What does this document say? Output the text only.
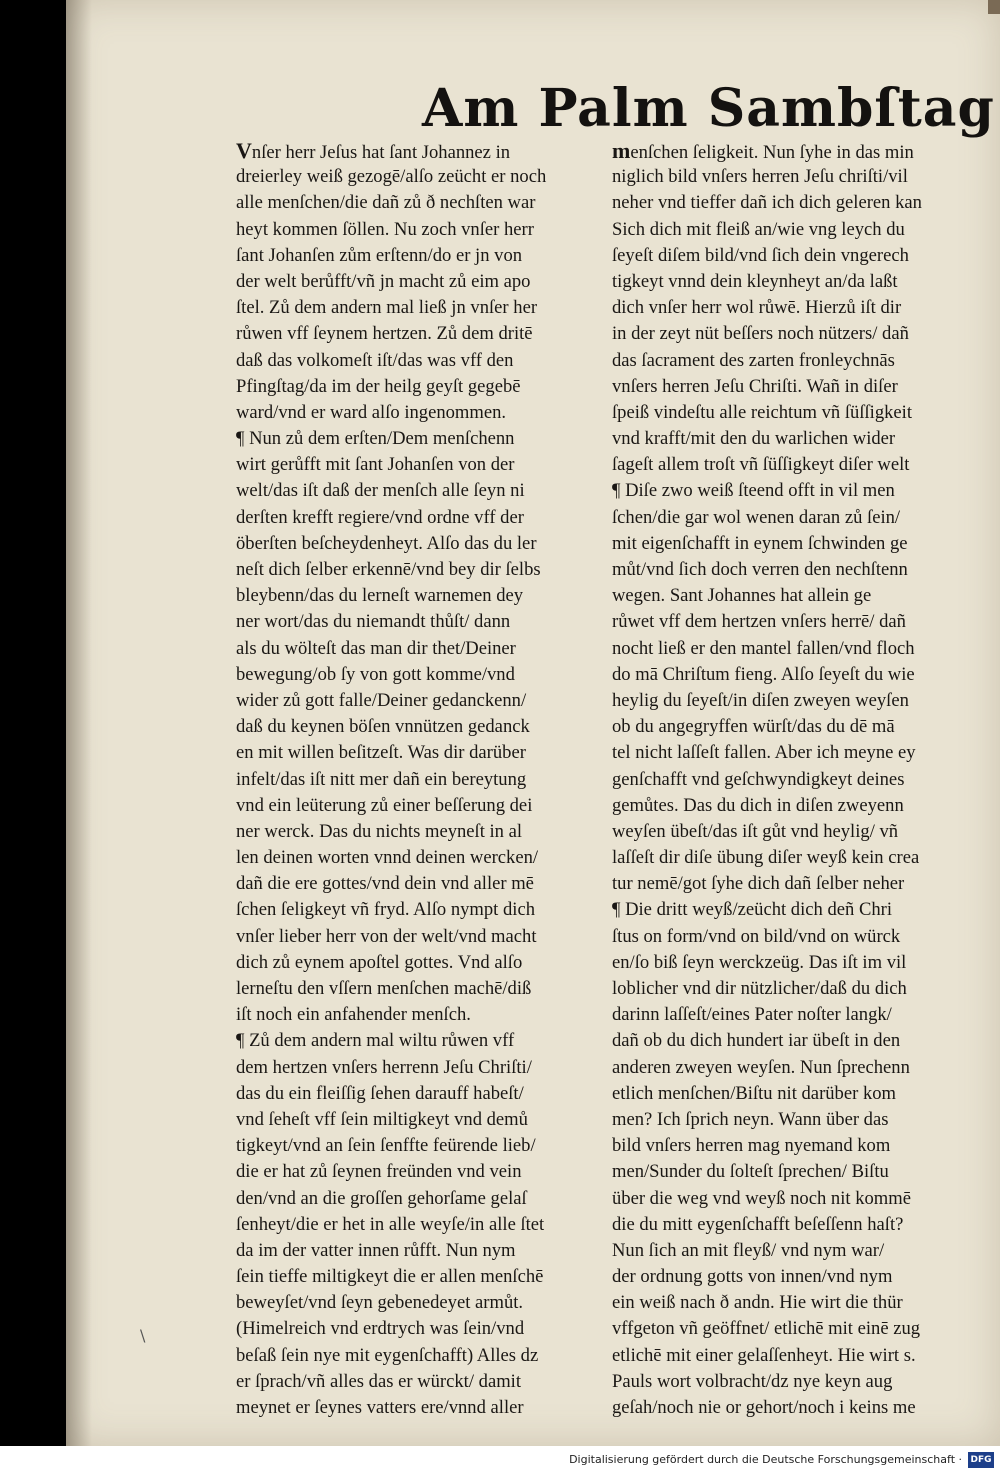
Am Palm Sambſtag
Vnſer herr Jeſus hat ſant Johannez in
dreierley weiß gezogē/alſo zeücht er noch
alle menſchen/die dañ zů ð nechſten war
heyt kommen ſöllen. Nu zoch vnſer herr
ſant Johanſen zům erſtenn/do er jn von
der welt berůfft/vñ jn macht zů eim apo
ſtel. Zů dem andern mal ließ jn vnſer her
růwen vff ſeynem hertzen. Zů dem dritē
daß das volkomeſt iſt/das was vff den
Pfingſtag/da im der heilg geyſt gegebē
ward/vnd er ward alſo ingenommen.
¶ Nun zů dem erſten/Dem menſchenn
wirt gerůfft mit ſant Johanſen von der
welt/das iſt daß der menſch alle ſeyn ni
derſten krefft regiere/vnd ordne vff der
öberſten beſcheydenheyt. Alſo das du ler
neſt dich ſelber erkennē/vnd bey dir ſelbs
bleybenn/das du lerneſt warnemen dey
ner wort/das du niemandt thůſt/ dann
als du wölteſt das man dir thet/Deiner
bewegung/ob ſy von gott komme/vnd
wider zů gott falle/Deiner gedanckenn/
daß du keynen böſen vnnützen gedanck
en mit willen beſitzeſt. Was dir darüber
infelt/das iſt nitt mer dañ ein bereytung
vnd ein leüterung zů einer beſſerung dei
ner werck. Das du nichts meyneſt in al
len deinen worten vnnd deinen wercken/
dañ die ere gottes/vnd dein vnd aller mē
ſchen ſeligkeyt vñ fryd. Alſo nympt dich
vnſer lieber herr von der welt/vnd macht
dich zů eynem apoſtel gottes. Vnd alſo
lerneſtu den vſſern menſchen machē/diß
iſt noch ein anfahender menſch.
¶ Zů dem andern mal wiltu růwen vff
dem hertzen vnſers herrenn Jeſu Chriſti/
das du ein fleiſſig ſehen darauff habeſt/
vnd ſeheſt vff ſein miltigkeyt vnd demů
tigkeyt/vnd an ſein ſenffte feürende lieb/
die er hat zů ſeynen freünden vnd vein
den/vnd an die groſſen gehorſame gelaſ
ſenheyt/die er het in alle weyſe/in alle ſtet
da im der vatter innen růfft. Nun nym
ſein tieffe miltigkeyt die er allen menſchē
beweyſet/vnd ſeyn gebenedeyet armůt.
(Himelreich vnd erdtrych was ſein/vnd
beſaß ſein nye mit eygenſchafft) Alles dz
er ſprach/vñ alles das er würckt/ damit
meynet er ſeynes vatters ere/vnnd aller
menſchen ſeligkeit. Nun ſyhe in das min
niglich bild vnſers herren Jeſu chriſti/vil
neher vnd tieffer dañ ich dich geleren kan
Sich dich mit fleiß an/wie vng leych du
ſeyeſt diſem bild/vnd ſich dein vngerech
tigkeyt vnnd dein kleynheyt an/da laßt
dich vnſer herr wol růwē. Hierzů iſt dir
in der zeyt nüt beſſers noch nützers/ dañ
das ſacrament des zarten fronleychnās
vnſers herren Jeſu Chriſti. Wañ in diſer
ſpeiß vindeſtu alle reichtum vñ ſüſſigkeit
vnd krafft/mit den du warlichen wider
ſageſt allem troſt vñ ſüſſigkeyt diſer welt
¶ Diſe zwo weiß ſteend offt in vil men
ſchen/die gar wol wenen daran zů ſein/
mit eigenſchafft in eynem ſchwinden ge
můt/vnd ſich doch verren den nechſtenn
wegen. Sant Johannes hat allein ge
růwet vff dem hertzen vnſers herrē/ dañ
nocht ließ er den mantel fallen/vnd floch
do mā Chriſtum fieng. Alſo ſeyeſt du wie
heylig du ſeyeſt/in diſen zweyen weyſen
ob du angegryffen würſt/das du dē mā
tel nicht laſſeſt fallen. Aber ich meyne ey
genſchafft vnd geſchwyndigkeyt deines
gemůtes. Das du dich in diſen zweyenn
weyſen übeſt/das iſt gůt vnd heylig/ vñ
laſſeſt dir diſe übung diſer weyß kein crea
tur nemē/got ſyhe dich dañ ſelber neher
¶ Die dritt weyß/zeücht dich deñ Chri
ſtus on form/vnd on bild/vnd on würck
en/ſo biß ſeyn werckzeüg. Das iſt im vil
loblicher vnd dir nützlicher/daß du dich
darinn laſſeſt/eines Pater noſter langk/
dañ ob du dich hundert iar übeſt in den
anderen zweyen weyſen. Nun ſprechenn
etlich menſchen/Biſtu nit darüber kom
men? Ich ſprich neyn. Wann über das
bild vnſers herren mag nyemand kom
men/Sunder du ſolteſt ſprechen/ Biſtu
über die weg vnd weyß noch nit kommē
die du mitt eygenſchafft beſeſſenn haſt?
Nun ſich an mit fleyß/ vnd nym war/
der ordnung gotts von innen/vnd nym
ein weiß nach ð andn. Hie wirt die thür
vffgeton vñ geöffnet/ etlichē mit einē zug
etlichē mit einer gelaſſenheyt. Hie wirt s.
Pauls wort volbracht/dz nye keyn aug
geſah/noch nie or gehort/noch i keins me
\
Digitalisierung gefördert durch die Deutsche Forschungsgemeinschaft · DFG
